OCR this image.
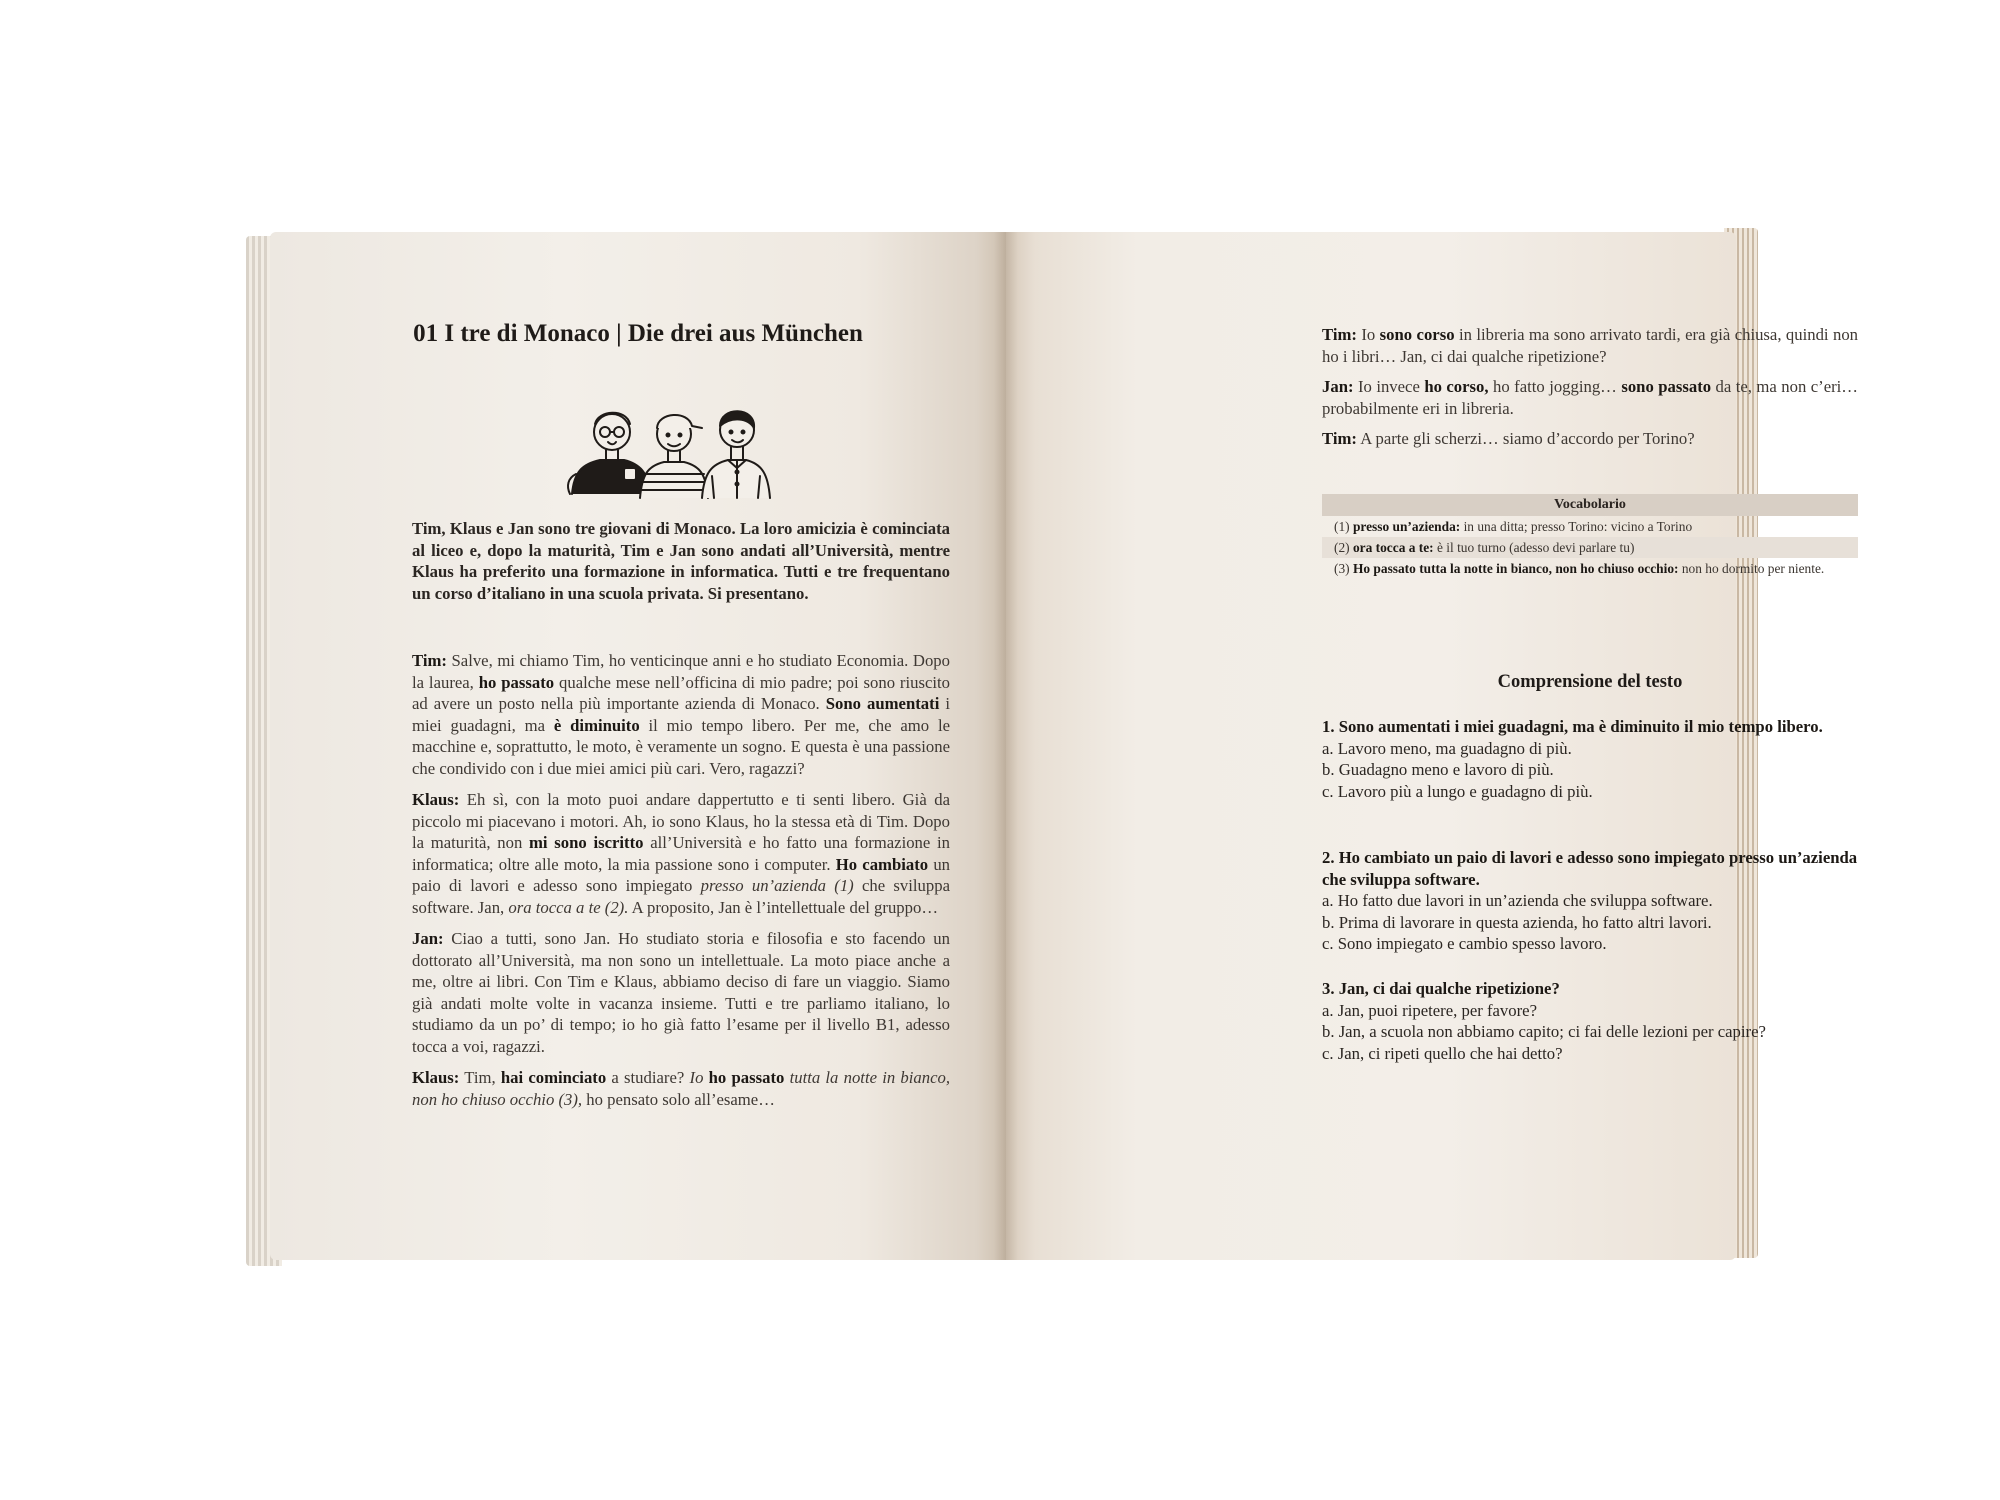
01 I tre di Monaco | Die drei aus München

Tim, Klaus e Jan sono tre giovani di Monaco. La loro amicizia è cominciata al liceo e, dopo la maturità, Tim e Jan sono andati all’Università, mentre Klaus ha preferito una formazione in informatica. Tutti e tre frequentano un corso d’italiano in una scuola privata. Si presentano.

Tim: Salve, mi chiamo Tim, ho venticinque anni e ho studiato Economia. Dopo la laurea, ho passato qualche mese nell’officina di mio padre; poi sono riuscito ad avere un posto nella più importante azienda di Monaco. Sono aumentati i miei guadagni, ma è diminuito il mio tempo libero. Per me, che amo le macchine e, soprattutto, le moto, è veramente un sogno. E questa è una passione che condivido con i due miei amici più cari. Vero, ragazzi?

Klaus: Eh sì, con la moto puoi andare dappertutto e ti senti libero. Già da piccolo mi piacevano i motori. Ah, io sono Klaus, ho la stessa età di Tim. Dopo la maturità, non mi sono iscritto all’Università e ho fatto una formazione in informatica; oltre alle moto, la mia passione sono i computer. Ho cambiato un paio di lavori e adesso sono impiegato presso un’azienda (1) che sviluppa software. Jan, ora tocca a te (2). A proposito, Jan è l’intellettuale del gruppo…

Jan: Ciao a tutti, sono Jan. Ho studiato storia e filosofia e sto facendo un dottorato all’Università, ma non sono un intellettuale. La moto piace anche a me, oltre ai libri. Con Tim e Klaus, abbiamo deciso di fare un viaggio. Siamo già andati molte volte in vacanza insieme. Tutti e tre parliamo italiano, lo studiamo da un po’ di tempo; io ho già fatto l’esame per il livello B1, adesso tocca a voi, ragazzi.

Klaus: Tim, hai cominciato a studiare? Io ho passato tutta la notte in bianco, non ho chiuso occhio (3), ho pensato solo all’esame…

Tim: Io sono corso in libreria ma sono arrivato tardi, era già chiusa, quindi non ho i libri… Jan, ci dai qualche ripetizione?

Jan: Io invece ho corso, ho fatto jogging… sono passato da te, ma non c’eri… probabilmente eri in libreria.

Tim: A parte gli scherzi… siamo d’accordo per Torino?

Vocabolario
(1) presso un’azienda: in una ditta; presso Torino: vicino a Torino
(2) ora tocca a te: è il tuo turno (adesso devi parlare tu)
(3) Ho passato tutta la notte in bianco, non ho chiuso occhio: non ho dormito per niente.
Comprensione del testo
1. Sono aumentati i miei guadagni, ma è diminuito il mio tempo libero.
a. Lavoro meno, ma guadagno di più.
b. Guadagno meno e lavoro di più.
c. Lavoro più a lungo e guadagno di più.
2. Ho cambiato un paio di lavori e adesso sono impiegato presso un’azienda che sviluppa software.
a. Ho fatto due lavori in un’azienda che sviluppa software.
b. Prima di lavorare in questa azienda, ho fatto altri lavori.
c. Sono impiegato e cambio spesso lavoro.
3. Jan, ci dai qualche ripetizione?
a. Jan, puoi ripetere, per favore?
b. Jan, a scuola non abbiamo capito; ci fai delle lezioni per capire?
c. Jan, ci ripeti quello che hai detto?
